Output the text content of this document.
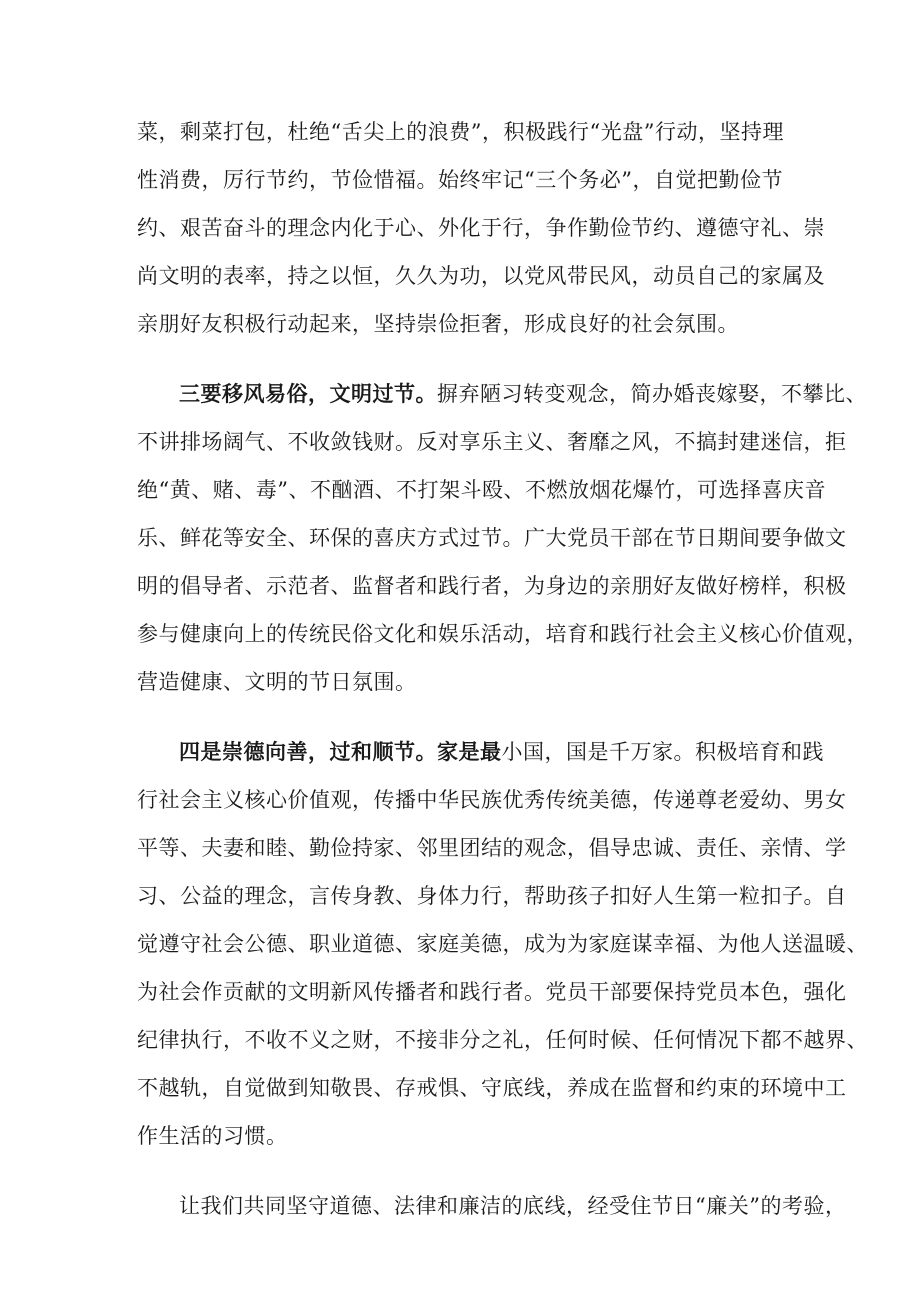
菜，剩菜打包，杜绝“舌尖上的浪费”，积极践行“光盘”行动，坚持理
性消费，厉行节约，节俭惜福。始终牢记“三个务必”，自觉把勤俭节
约、艰苦奋斗的理念内化于心、外化于行，争作勤俭节约、遵德守礼、崇
尚文明的表率，持之以恒，久久为功，以党风带民风，动员自己的家属及
亲朋好友积极行动起来，坚持崇俭拒奢，形成良好的社会氛围。
三要移风易俗，文明过节。摒弃陋习转变观念，简办婚丧嫁娶，不攀比、
不讲排场阔气、不收敛钱财。反对享乐主义、奢靡之风，不搞封建迷信，拒
绝“黄、赌、毒”、不酗酒、不打架斗殴、不燃放烟花爆竹，可选择喜庆音
乐、鲜花等安全、环保的喜庆方式过节。广大党员干部在节日期间要争做文
明的倡导者、示范者、监督者和践行者，为身边的亲朋好友做好榜样，积极
参与健康向上的传统民俗文化和娱乐活动，培育和践行社会主义核心价值观，
营造健康、文明的节日氛围。
四是崇德向善，过和顺节。家是最小国，国是千万家。积极培育和践
行社会主义核心价值观，传播中华民族优秀传统美德，传递尊老爱幼、男女
平等、夫妻和睦、勤俭持家、邻里团结的观念，倡导忠诚、责任、亲情、学
习、公益的理念，言传身教、身体力行，帮助孩子扣好人生第一粒扣子。自
觉遵守社会公德、职业道德、家庭美德，成为为家庭谋幸福、为他人送温暖、
为社会作贡献的文明新风传播者和践行者。党员干部要保持党员本色，强化
纪律执行，不收不义之财，不接非分之礼，任何时候、任何情况下都不越界、
不越轨，自觉做到知敬畏、存戒惧、守底线，养成在监督和约束的环境中工
作生活的习惯。
让我们共同坚守道德、法律和廉洁的底线，经受住节日“廉关”的考验，
